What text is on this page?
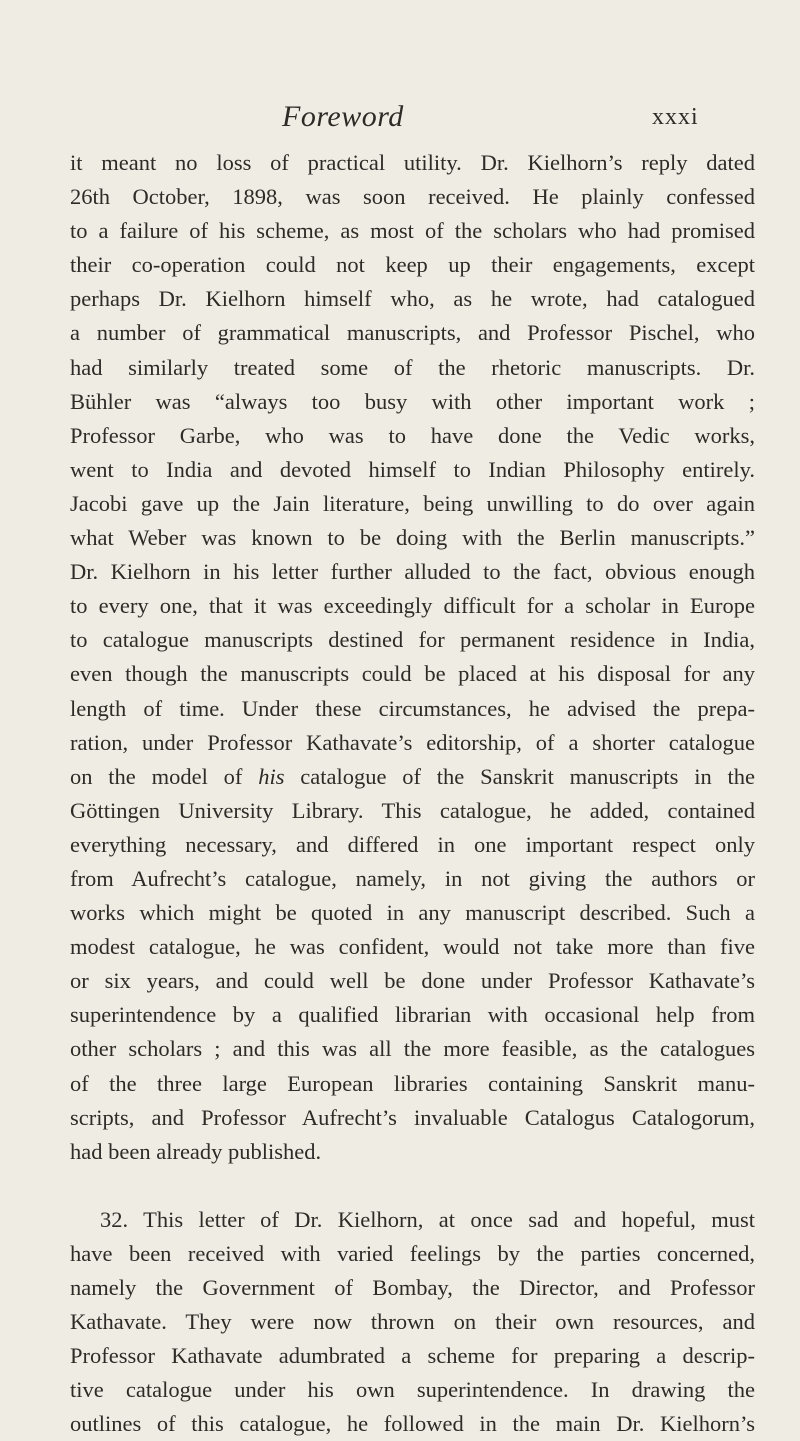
Foreword	xxxi
it meant no loss of practical utility. Dr. Kielhorn’s reply dated
26th October, 1898, was soon received. He plainly confessed
to a failure of his scheme, as most of the scholars who had promised
their co-operation could not keep up their engagements, except
perhaps Dr. Kielhorn himself who, as he wrote, had catalogued
a number of grammatical manuscripts, and Professor Pischel, who
had similarly treated some of the rhetoric manuscripts. Dr.
Bühler was “always too busy with other important work ;
Professor Garbe, who was to have done the Vedic works,
went to India and devoted himself to Indian Philosophy entirely.
Jacobi gave up the Jain literature, being unwilling to do over again
what Weber was known to be doing with the Berlin manuscripts.”
Dr. Kielhorn in his letter further alluded to the fact, obvious enough
to every one, that it was exceedingly difficult for a scholar in Europe
to catalogue manuscripts destined for permanent residence in India,
even though the manuscripts could be placed at his disposal for any
length of time. Under these circumstances, he advised the prepa-
ration, under Professor Kathavate’s editorship, of a shorter catalogue
on the model of his catalogue of the Sanskrit manuscripts in the
Göttingen University Library. This catalogue, he added, contained
everything necessary, and differed in one important respect only
from Aufrecht’s catalogue, namely, in not giving the authors or
works which might be quoted in any manuscript described. Such a
modest catalogue, he was confident, would not take more than five
or six years, and could well be done under Professor Kathavate’s
superintendence by a qualified librarian with occasional help from
other scholars ; and this was all the more feasible, as the catalogues
of the three large European libraries containing Sanskrit manu-
scripts, and Professor Aufrecht’s invaluable Catalogus Catalogorum,
had been already published.
32. This letter of Dr. Kielhorn, at once sad and hopeful, must
have been received with varied feelings by the parties concerned,
namely the Government of Bombay, the Director, and Professor
Kathavate. They were now thrown on their own resources, and
Professor Kathavate adumbrated a scheme for preparing a descrip-
tive catalogue under his own superintendence. In drawing the
outlines of this catalogue, he followed in the main Dr. Kielhorn’s
